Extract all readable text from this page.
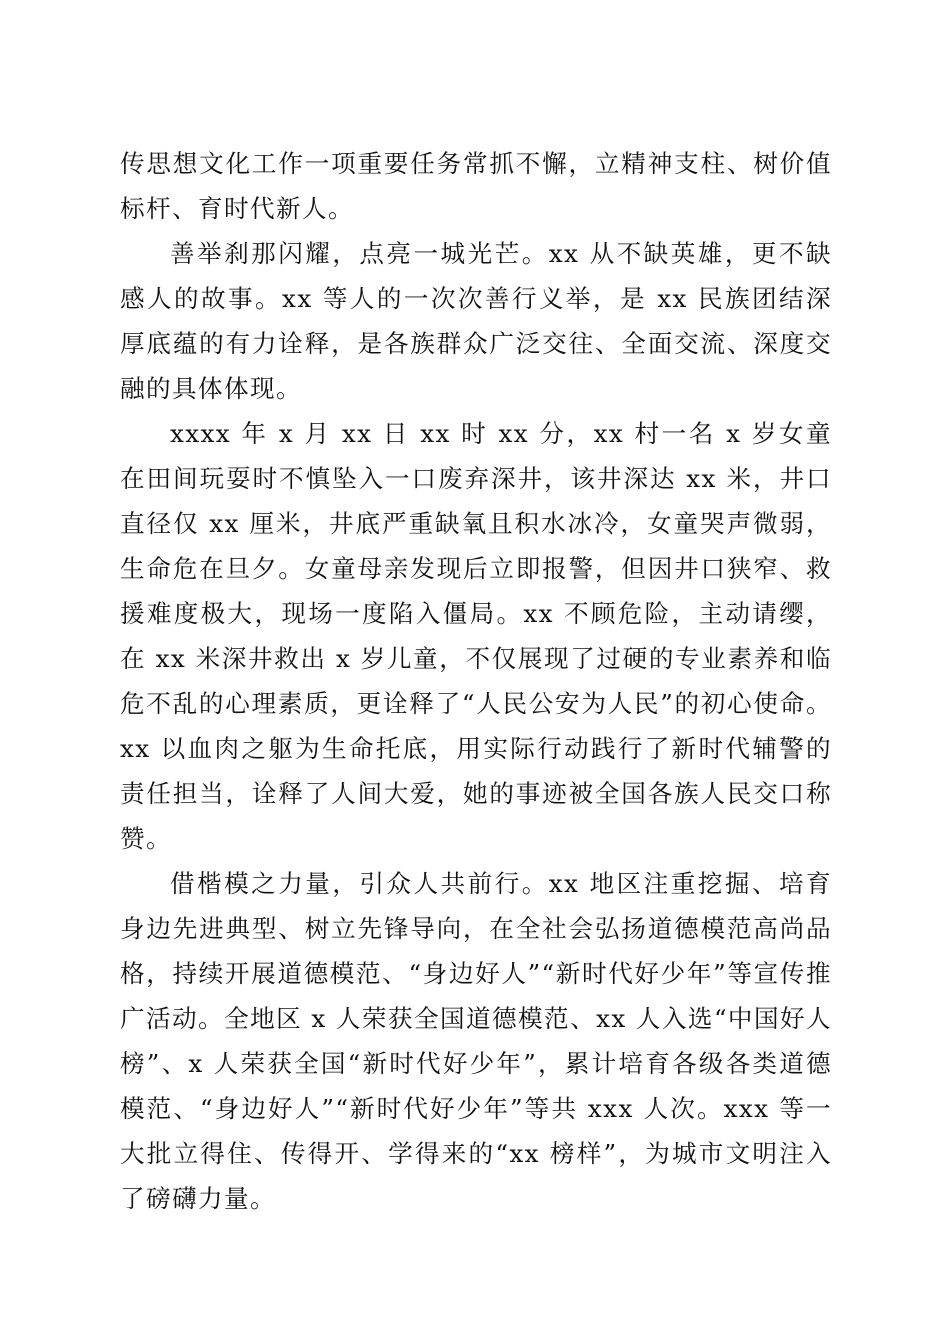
传思想文化工作一项重要任务常抓不懈，立精神支柱、树价值标杆、育时代新人。

善举刹那闪耀，点亮一城光芒。xx 从不缺英雄，更不缺感人的故事。xx 等人的一次次善行义举，是 xx 民族团结深厚底蕴的有力诠释，是各族群众广泛交往、全面交流、深度交融的具体体现。

xxxx 年 x 月 xx 日 xx 时 xx 分，xx 村一名 x 岁女童在田间玩耍时不慎坠入一口废弃深井，该井深达 xx 米，井口直径仅 xx 厘米，井底严重缺氧且积水冰冷，女童哭声微弱，生命危在旦夕。女童母亲发现后立即报警，但因井口狭窄、救援难度极大，现场一度陷入僵局。xx 不顾危险，主动请缨，在 xx 米深井救出 x 岁儿童，不仅展现了过硬的专业素养和临危不乱的心理素质，更诠释了“人民公安为人民”的初心使命。xx 以血肉之躯为生命托底，用实际行动践行了新时代辅警的责任担当，诠释了人间大爱，她的事迹被全国各族人民交口称赞。

借楷模之力量，引众人共前行。xx 地区注重挖掘、培育身边先进典型、树立先锋导向，在全社会弘扬道德模范高尚品格，持续开展道德模范、“身边好人”“新时代好少年”等宣传推广活动。全地区 x 人荣获全国道德模范、xx 人入选“中国好人榜”、x 人荣获全国“新时代好少年”，累计培育各级各类道德模范、“身边好人”“新时代好少年”等共 xxx 人次。xxx 等一大批立得住、传得开、学得来的“xx 榜样”，为城市文明注入了磅礴力量。
